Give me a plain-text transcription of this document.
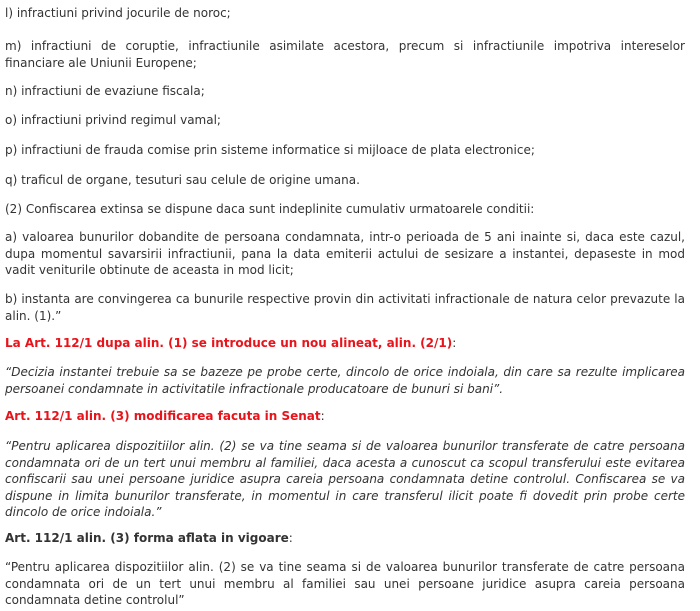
l) infractiuni privind jocurile de noroc;

m) infractiuni de coruptie, infractiunile asimilate acestora, precum si infractiunile impotriva intereselor financiare ale Uniunii Europene;

n) infractiuni de evaziune fiscala;

o) infractiuni privind regimul vamal;

p) infractiuni de frauda comise prin sisteme informatice si mijloace de plata electronice;

q) traficul de organe, tesuturi sau celule de origine umana.

(2) Confiscarea extinsa se dispune daca sunt indeplinite cumulativ urmatoarele conditii:

a) valoarea bunurilor dobandite de persoana condamnata, intr-o perioada de 5 ani inainte si, daca este cazul, dupa momentul savarsirii infractiunii, pana la data emiterii actului de sesizare a instantei, depaseste in mod vadit veniturile obtinute de aceasta in mod licit;

b) instanta are convingerea ca bunurile respective provin din activitati infractionale de natura celor prevazute la alin. (1).”

La Art. 112/1 dupa alin. (1) se introduce un nou alineat, alin. (2/1):

“Decizia instantei trebuie sa se bazeze pe probe certe, dincolo de orice indoiala, din care sa rezulte implicarea persoanei condamnate in activitatile infractionale producatoare de bunuri si bani”.

Art. 112/1 alin. (3) modificarea facuta in Senat:

“Pentru aplicarea dispozitiilor alin. (2) se va tine seama si de valoarea bunurilor transferate de catre persoana condamnata ori de un tert unui membru al familiei, daca acesta a cunoscut ca scopul transferului este evitarea confiscarii sau unei persoane juridice asupra careia persoana condamnata detine controlul. Confiscarea se va dispune in limita bunurilor transferate, in momentul in care transferul ilicit poate fi dovedit prin probe certe dincolo de orice indoiala.”

Art. 112/1 alin. (3) forma aflata in vigoare:

“Pentru aplicarea dispozitiilor alin. (2) se va tine seama si de valoarea bunurilor transferate de catre persoana condamnata ori de un tert unui membru al familiei sau unei persoane juridice asupra careia persoana condamnata detine controlul”
